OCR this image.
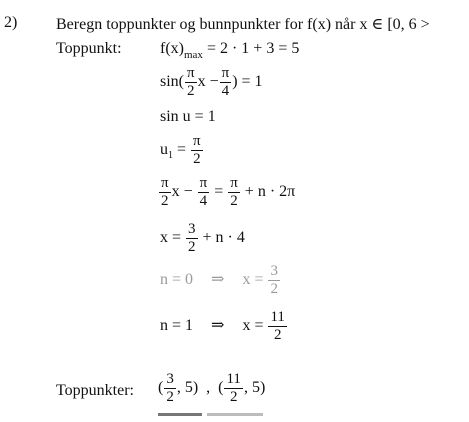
2) Beregn toppunkter og bunnpunkter for f(x) når x ∈ [0, 6 >
Toppunkt: $f(x)_{max} = 2 \cdot 1 + 3 = 5$
$\sin( \frac{\pi}{2}$ $x - \frac{\pi}{4}$ ) = 1
sin u = 1
$u_1 = \frac{\pi}{2}$
$\frac{\pi}{2}$ $x - \frac{\pi}{4} = \frac{\pi}{2} + n \cdot 2\pi$
$x = \frac{3}{2} + n \cdot 4$
n = 0 ⇒ $x = \frac{3}{2}$
n = 1 ⇒ $x = \frac{11}{2}$
Toppunkter: ( $\frac{3}{2}$ , 5) , ( $\frac{11}{2}$ , 5)
